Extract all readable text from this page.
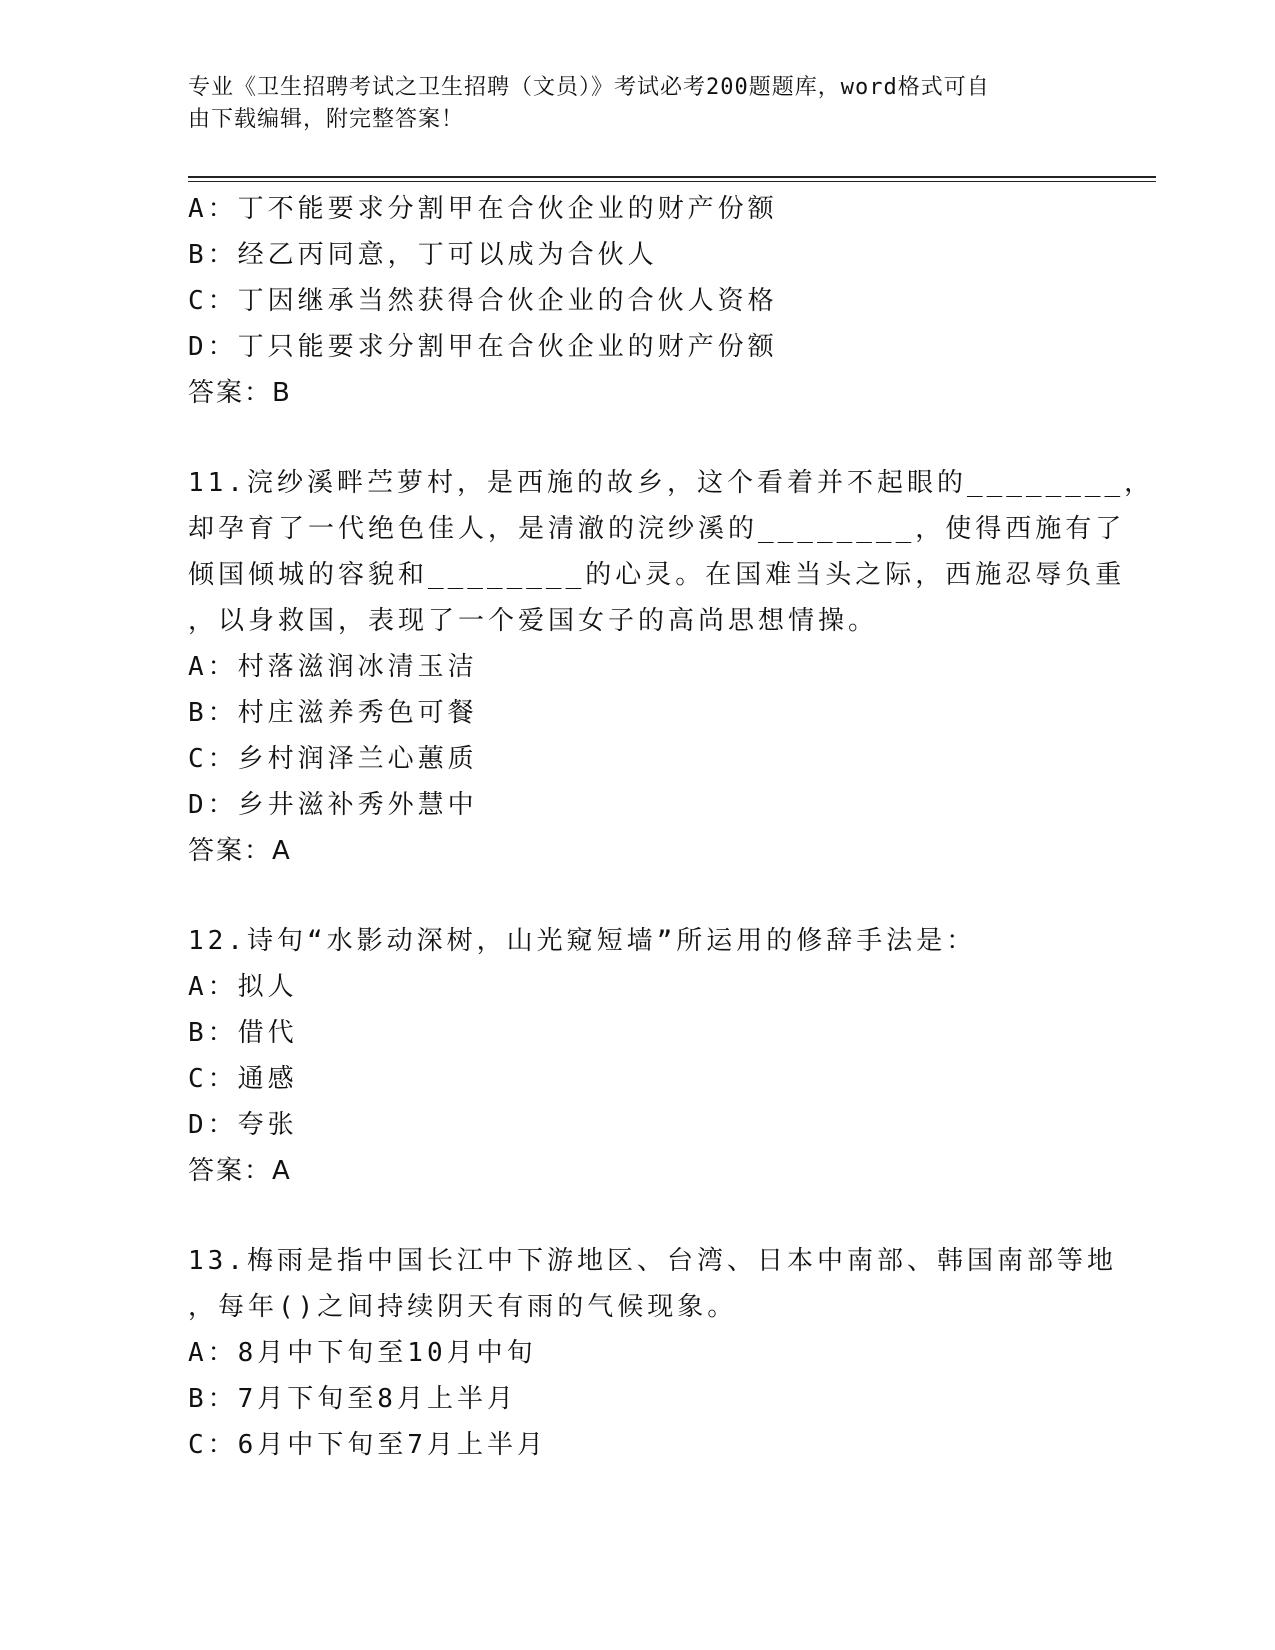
专业《卫生招聘考试之卫生招聘（文员）》考试必考200题题库，word格式可自
由下载编辑，附完整答案！
A：丁不能要求分割甲在合伙企业的财产份额
B：经乙丙同意，丁可以成为合伙人
C：丁因继承当然获得合伙企业的合伙人资格
D：丁只能要求分割甲在合伙企业的财产份额
答案：B
11.浣纱溪畔苎萝村，是西施的故乡，这个看着并不起眼的________，
却孕育了一代绝色佳人，是清澈的浣纱溪的________，使得西施有了
倾国倾城的容貌和________的心灵。在国难当头之际，西施忍辱负重
，以身救国，表现了一个爱国女子的高尚思想情操。
A：村落滋润冰清玉洁
B：村庄滋养秀色可餐
C：乡村润泽兰心蕙质
D：乡井滋补秀外慧中
答案：A
12.诗句“水影动深树，山光窥短墙”所运用的修辞手法是：
A：拟人
B：借代
C：通感
D：夸张
答案：A
13.梅雨是指中国长江中下游地区、台湾、日本中南部、韩国南部等地
，每年()之间持续阴天有雨的气候现象。
A：8月中下旬至10月中旬
B：7月下旬至8月上半月
C：6月中下旬至7月上半月
